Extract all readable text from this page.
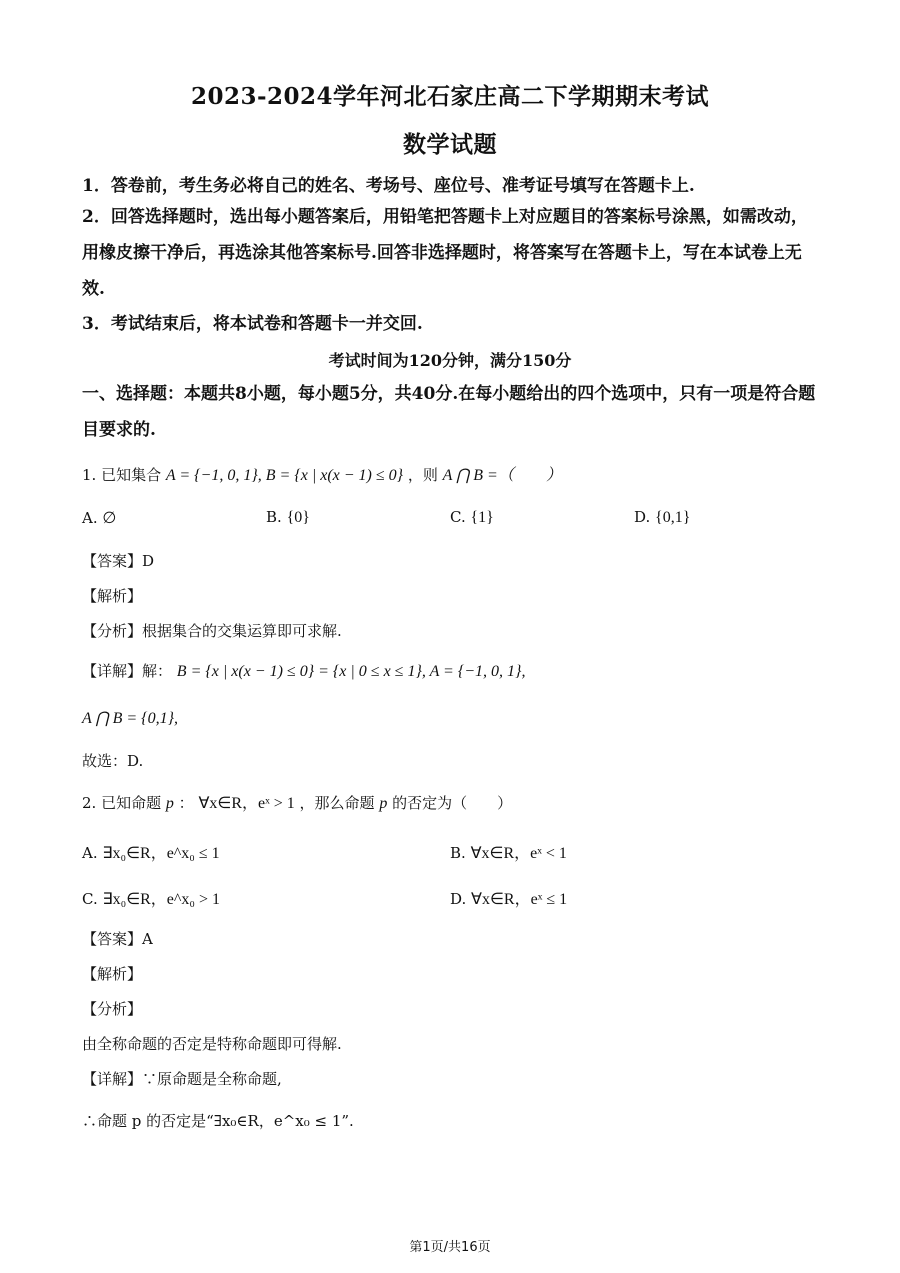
2023-2024学年河北石家庄高二下学期期末考试
数学试题
1．答卷前，考生务必将自己的姓名、考场号、座位号、准考证号填写在答题卡上.
2．回答选择题时，选出每小题答案后，用铅笔把答题卡上对应题目的答案标号涂黑，如需改动，用橡皮擦干净后，再选涂其他答案标号.回答非选择题时，将答案写在答题卡上，写在本试卷上无效.
3．考试结束后，将本试卷和答题卡一并交回.
考试时间为120分钟，满分150分
一、选择题：本题共8小题，每小题5分，共40分.在每小题给出的四个选项中，只有一项是符合题目要求的.
1. 已知集合 A = {−1, 0, 1}, B = {x | x(x − 1) ≤ 0} ，则 A ⋂ B =（　　）
A. ∅	B. {0}	C. {1}	D. {0,1}
【答案】D
【解析】
【分析】根据集合的交集运算即可求解.
【详解】解： B = {x | x(x − 1) ≤ 0} = {x | 0 ≤ x ≤ 1}, A = {−1, 0, 1},
A ⋂ B = {0,1},
故选：D.
2. 已知命题 p ： ∀x∈R，eˣ > 1 ，那么命题 p 的否定为（　　）
A. ∃x₀∈R，e^x₀ ≤ 1	B. ∀x∈R，eˣ < 1
C. ∃x₀∈R，e^x₀ > 1	D. ∀x∈R，eˣ ≤ 1
【答案】A
【解析】
【分析】
由全称命题的否定是特称命题即可得解.
【详解】∵原命题是全称命题,
∴命题 p 的否定是“∃x₀∈R，e^x₀ ≤ 1”.
第1页/共16页
